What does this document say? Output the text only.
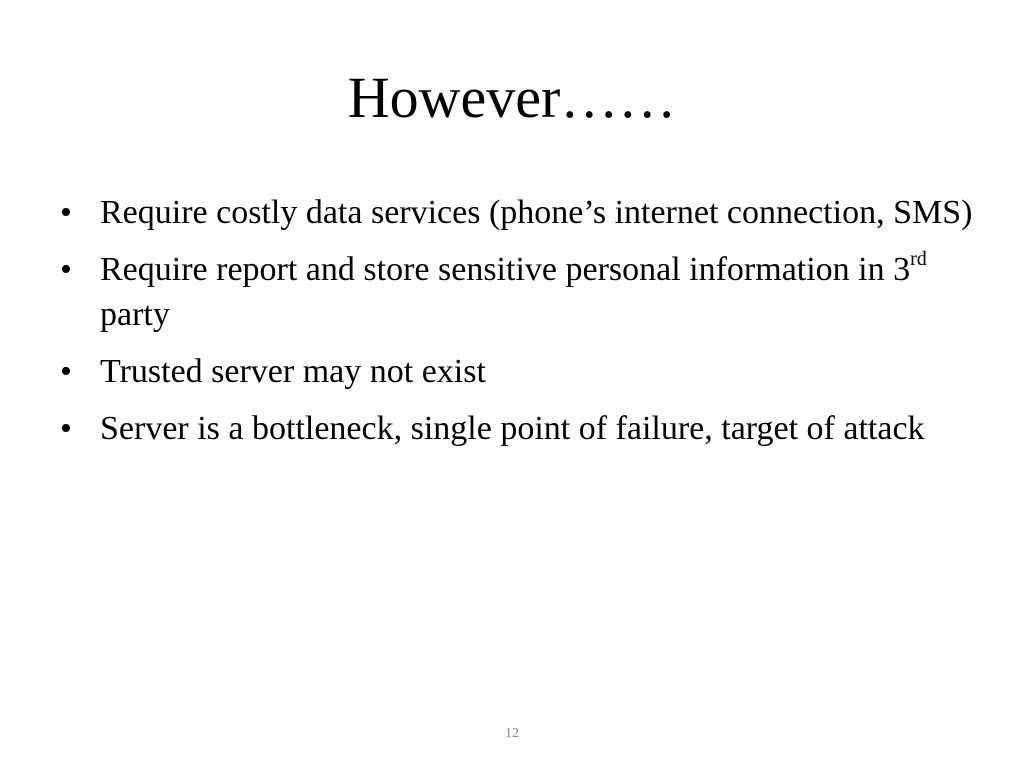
However……
• Require costly data services (phone’s internet connection, SMS)
• Require report and store sensitive personal information in 3rd party
• Trusted server may not exist
• Server is a bottleneck, single point of failure, target of attack
12
